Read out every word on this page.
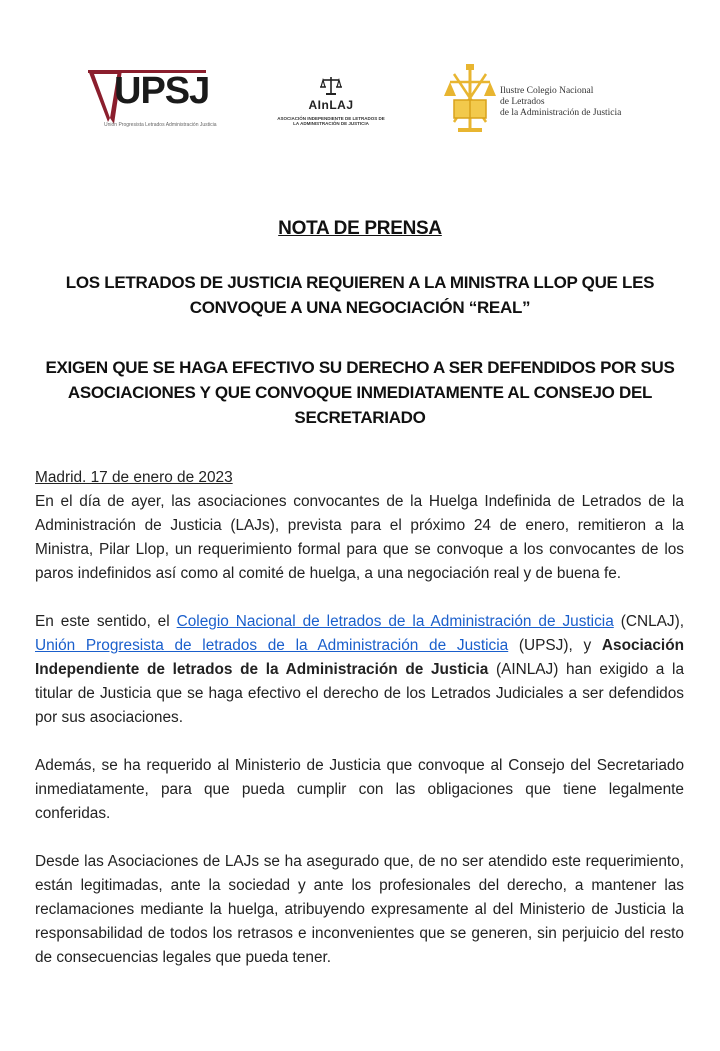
UPSJ
Unión Progresista Letrados Administración Justicia
AInLAJ
ASOCIACIÓN INDEPENDIENTE DE LETRADOS DE LA ADMINISTRACIÓN DE JUSTICIA
Ilustre Colegio Nacional
de Letrados
de la Administración de Justicia
NOTA DE PRENSA
LOS LETRADOS DE JUSTICIA REQUIEREN A LA MINISTRA LLOP QUE LES CONVOQUE A UNA NEGOCIACIÓN “REAL”
EXIGEN QUE SE HAGA EFECTIVO SU DERECHO A SER DEFENDIDOS POR SUS ASOCIACIONES Y QUE CONVOQUE INMEDIATAMENTE AL CONSEJO DEL SECRETARIADO

Madrid. 17 de enero de 2023
En el día de ayer, las asociaciones convocantes de la Huelga Indefinida de Letrados de la Administración de Justicia (LAJs), prevista para el próximo 24 de enero, remitieron a la Ministra, Pilar Llop, un requerimiento formal para que se convoque a los convocantes de los paros indefinidos así como al comité de huelga, a una negociación real y de buena fe.

En este sentido, el Colegio Nacional de letrados de la Administración de Justicia (CNLAJ), Unión Progresista de letrados de la Administración de Justicia (UPSJ), y Asociación Independiente de letrados de la Administración de Justicia (AINLAJ) han exigido a la titular de Justicia que se haga efectivo el derecho de los Letrados Judiciales a ser defendidos por sus asociaciones.

Además, se ha requerido al Ministerio de Justicia que convoque al Consejo del Secretariado inmediatamente, para que pueda cumplir con las obligaciones que tiene legalmente conferidas.

Desde las Asociaciones de LAJs se ha asegurado que, de no ser atendido este requerimiento, están legitimadas, ante la sociedad y ante los profesionales del derecho, a mantener las reclamaciones mediante la huelga, atribuyendo expresamente al del Ministerio de Justicia la responsabilidad de todos los retrasos e inconvenientes que se generen, sin perjuicio del resto de consecuencias legales que pueda tener.
